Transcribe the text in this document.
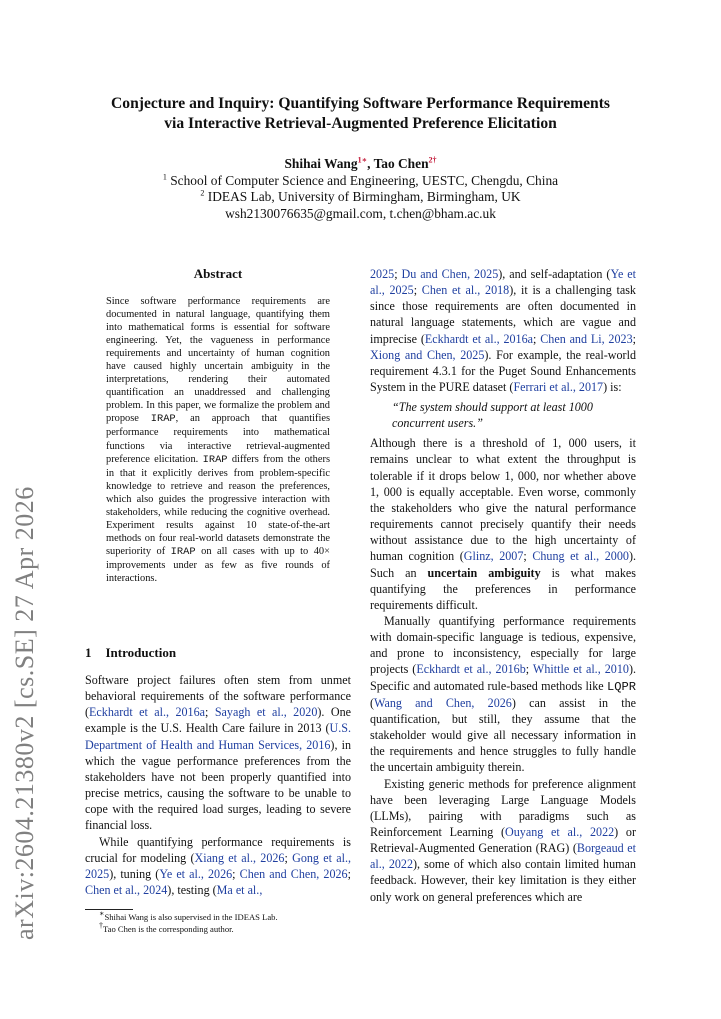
arXiv:2604.21380v2 [cs.SE] 27 Apr 2026
Conjecture and Inquiry: Quantifying Software Performance Requirements
via Interactive Retrieval-Augmented Preference Elicitation
Shihai Wang$^{1∗}$, Tao Chen$^{2\dagger}$
$^1$ School of Computer Science and Engineering, UESTC, Chengdu, China
$^2$ IDEAS Lab, University of Birmingham, Birmingham, UK
wsh2130076635@gmail.com, t.chen@bham.ac.uk
Abstract
Since software performance requirements are documented in natural language, quantifying them into mathematical forms is essential for software engineering. Yet, the vagueness in performance requirements and uncertainty of human cognition have caused highly uncertain ambiguity in the interpretations, rendering their automated quantification an unaddressed and challenging problem. In this paper, we formalize the problem and propose IRAP, an approach that quantifies performance requirements into mathematical functions via interactive retrieval-augmented preference elicitation. IRAP differs from the others in that it explicitly derives from problem-specific knowledge to retrieve and reason the preferences, which also guides the progressive interaction with stakeholders, while reducing the cognitive overhead. Experiment results against 10 state-of-the-art methods on four real-world datasets demonstrate the superiority of IRAP on all cases with up to 40× improvements under as few as five rounds of interactions.
1 Introduction

Software project failures often stem from unmet behavioral requirements of the software performance (Eckhardt et al., 2016a; Sayagh et al., 2020). One example is the U.S. Health Care failure in 2013 (U.S. Department of Health and Human Services, 2016), in which the vague performance preferences from the stakeholders have not been properly quantified into precise metrics, causing the software to be unable to cope with the required load surges, leading to severe financial loss.

While quantifying performance requirements is crucial for modeling (Xiang et al., 2026; Gong et al., 2025), tuning (Ye et al., 2026; Chen and Chen, 2026; Chen et al., 2024), testing (Ma et al.,

2025; Du and Chen, 2025), and self-adaptation (Ye et al., 2025; Chen et al., 2018), it is a challenging task since those requirements are often documented in natural language statements, which are vague and imprecise (Eckhardt et al., 2016a; Chen and Li, 2023; Xiong and Chen, 2025). For example, the real-world requirement 4.3.1 for the Puget Sound Enhancements System in the PURE dataset (Ferrari et al., 2017) is:

“The system should support at least 1000 concurrent users.”

Although there is a threshold of 1, 000 users, it remains unclear to what extent the throughput is tolerable if it drops below 1, 000, nor whether above 1, 000 is equally acceptable. Even worse, commonly the stakeholders who give the natural performance requirements cannot precisely quantify their needs without assistance due to the high uncertainty of human cognition (Glinz, 2007; Chung et al., 2000). Such an uncertain ambiguity is what makes quantifying the preferences in performance requirements difficult.

Manually quantifying performance requirements with domain-specific language is tedious, expensive, and prone to inconsistency, especially for large projects (Eckhardt et al., 2016b; Whittle et al., 2010). Specific and automated rule-based methods like LQPR (Wang and Chen, 2026) can assist in the quantification, but still, they assume that the stakeholder would give all necessary information in the requirements and hence struggles to fully handle the uncertain ambiguity therein.

Existing generic methods for preference alignment have been leveraging Large Language Models (LLMs), pairing with paradigms such as Reinforcement Learning (Ouyang et al., 2022) or Retrieval-Augmented Generation (RAG) (Borgeaud et al., 2022), some of which also contain limited human feedback. However, their key limitation is they either only work on general preferences which are

∗Shihai Wang is also supervised in the IDEAS Lab.

†Tao Chen is the corresponding author.
